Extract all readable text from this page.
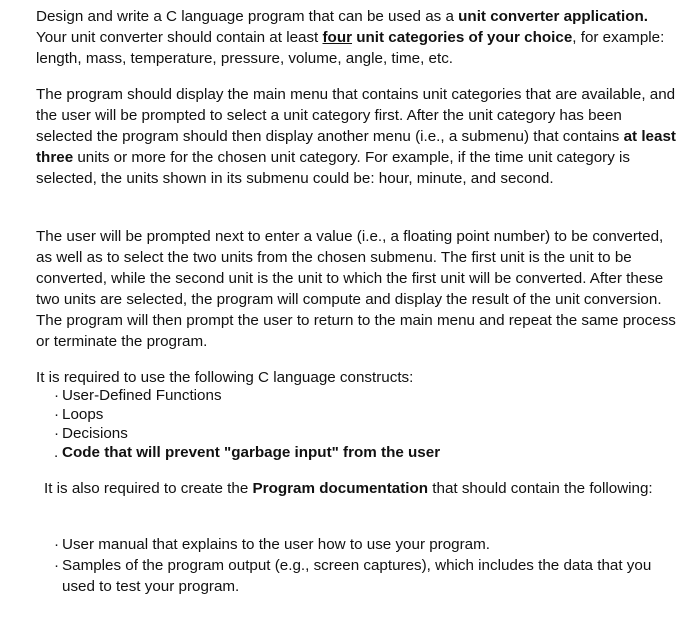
Design and write a C language program that can be used as a unit converter application. Your unit converter should contain at least four unit categories of your choice, for example: length, mass, temperature, pressure, volume, angle, time, etc.

The program should display the main menu that contains unit categories that are available, and the user will be prompted to select a unit category first. After the unit category has been selected the program should then display another menu (i.e., a submenu) that contains at least three units or more for the chosen unit category. For example, if the time unit category is selected, the units shown in its submenu could be: hour, minute, and second.

The user will be prompted next to enter a value (i.e., a floating point number) to be converted, as well as to select the two units from the chosen submenu. The first unit is the unit to be converted, while the second unit is the unit to which the first unit will be converted. After these two units are selected, the program will compute and display the result of the unit conversion. The program will then prompt the user to return to the main menu and repeat the same process or terminate the program.

It is required to use the following C language constructs:

· User-Defined Functions
· Loops
· Decisions
. Code that will prevent "garbage input" from the user

It is also required to create the Program documentation that should contain the following:

· User manual that explains to the user how to use your program.
· Samples of the program output (e.g., screen captures), which includes the data that you used to test your program.
